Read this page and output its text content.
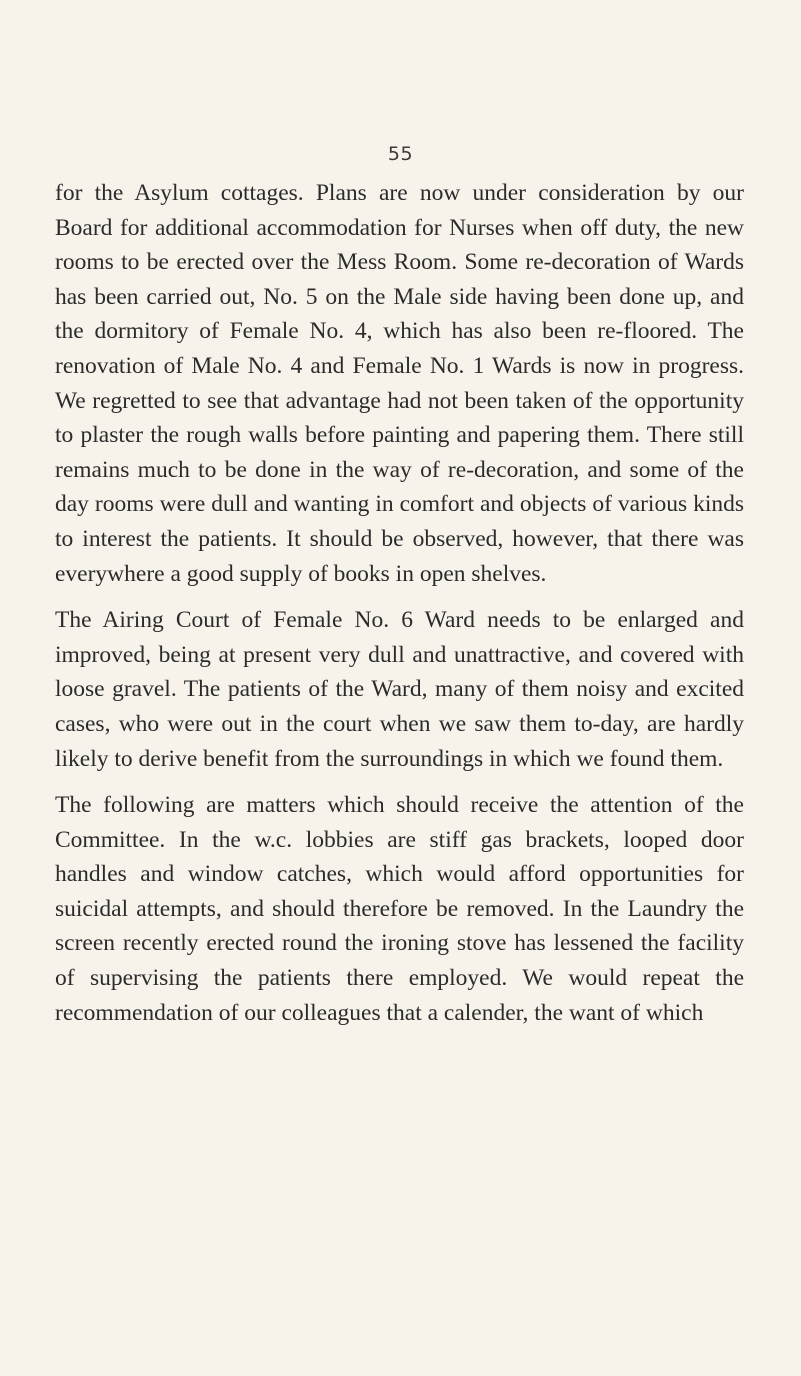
55

for the Asylum cottages. Plans are now under consideration by our Board for additional accommodation for Nurses when off duty, the new rooms to be erected over the Mess Room. Some re-decoration of Wards has been carried out, No. 5 on the Male side having been done up, and the dormitory of Female No. 4, which has also been re-floored. The renovation of Male No. 4 and Female No. 1 Wards is now in progress. We regretted to see that advantage had not been taken of the opportunity to plaster the rough walls before painting and papering them. There still remains much to be done in the way of re-decoration, and some of the day rooms were dull and wanting in comfort and objects of various kinds to interest the patients. It should be observed, however, that there was everywhere a good supply of books in open shelves.

The Airing Court of Female No. 6 Ward needs to be enlarged and improved, being at present very dull and unattractive, and covered with loose gravel. The patients of the Ward, many of them noisy and excited cases, who were out in the court when we saw them to-day, are hardly likely to derive benefit from the surroundings in which we found them.

The following are matters which should receive the attention of the Committee. In the w.c. lobbies are stiff gas brackets, looped door handles and window catches, which would afford opportunities for suicidal attempts, and should therefore be removed. In the Laundry the screen recently erected round the ironing stove has lessened the facility of supervising the patients there employed. We would repeat the recommendation of our colleagues that a calender, the want of which
